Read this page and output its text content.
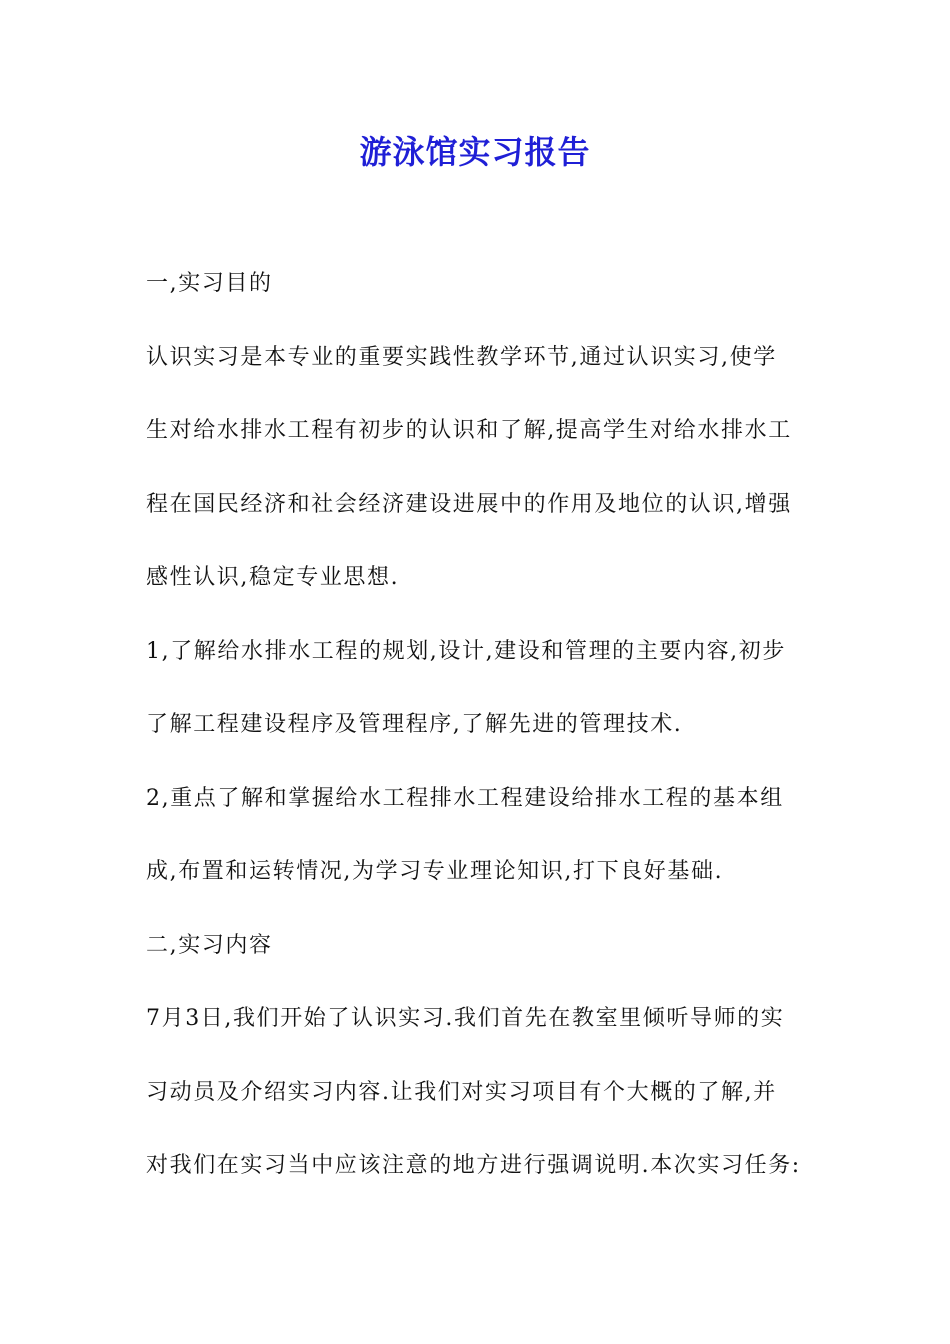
游泳馆实习报告
一,实习目的
认识实习是本专业的重要实践性教学环节,通过认识实习,使学
生对给水排水工程有初步的认识和了解,提高学生对给水排水工
程在国民经济和社会经济建设进展中的作用及地位的认识,增强
感性认识,稳定专业思想.
1,了解给水排水工程的规划,设计,建设和管理的主要内容,初步
了解工程建设程序及管理程序,了解先进的管理技术.
2,重点了解和掌握给水工程排水工程建设给排水工程的基本组
成,布置和运转情况,为学习专业理论知识,打下良好基础.
二,实习内容
7月3日,我们开始了认识实习.我们首先在教室里倾听导师的实
习动员及介绍实习内容.让我们对实习项目有个大概的了解,并
对我们在实习当中应该注意的地方进行强调说明.本次实习任务:
